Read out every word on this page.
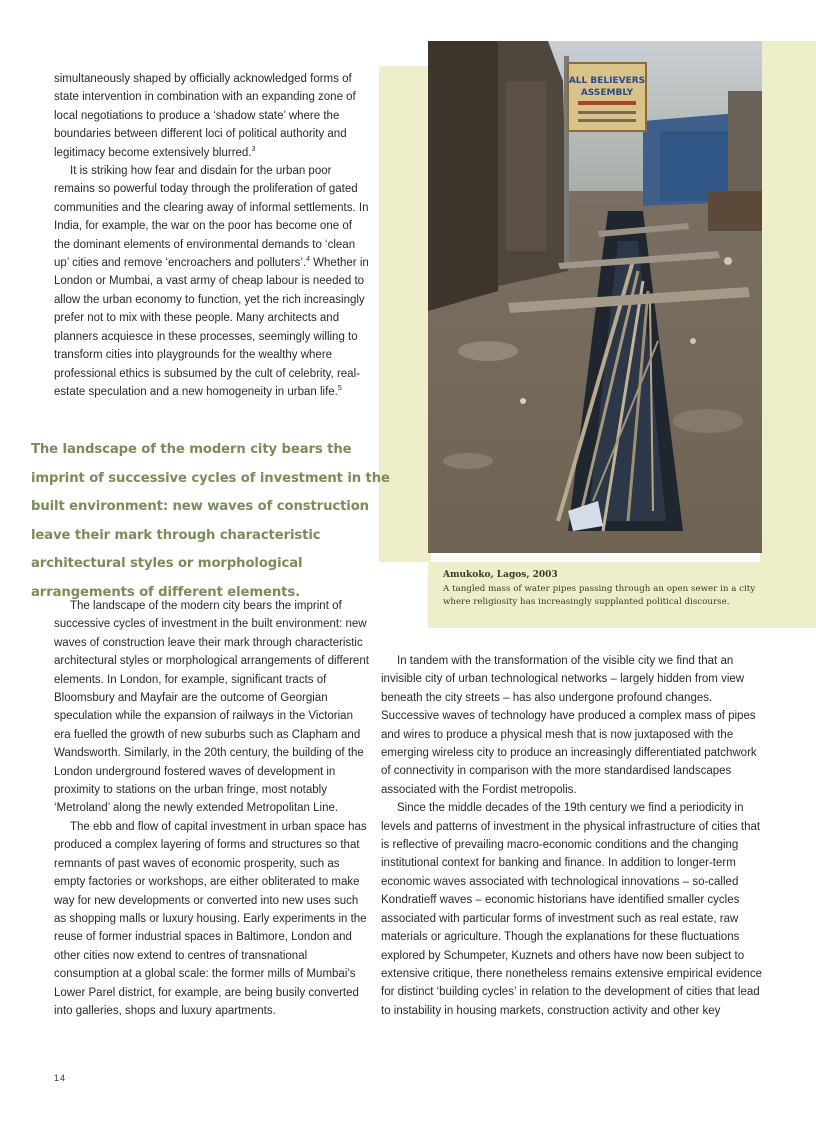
ALL BELIEVERS
ASSEMBLY
Amukoko, Lagos, 2003
A tangled mass of water pipes passing through an open sewer in a city where religiosity has increasingly supplanted political discourse.

simultaneously shaped by officially acknowledged forms of state intervention in combination with an expanding zone of local negotiations to produce a ‘shadow state’ where the boundaries between different loci of political authority and legitimacy become extensively blurred.$^3$

It is striking how fear and disdain for the urban poor remains so powerful today through the proliferation of gated communities and the clearing away of informal settlements. In India, for example, the war on the poor has become one of the dominant elements of environmental demands to ‘clean up’ cities and remove ‘encroachers and polluters’.$^4$ Whether in London or Mumbai, a vast army of cheap labour is needed to allow the urban economy to function, yet the rich increasingly prefer not to mix with these people. Many architects and planners acquiesce in these processes, seemingly willing to transform cities into playgrounds for the wealthy where professional ethics is subsumed by the cult of celebrity, real-estate speculation and a new homogeneity in urban life.$^5$

The landscape of the modern city bears the imprint of successive cycles of investment in the built environment: new waves of construction leave their mark through characteristic architectural styles or morphological arrangements of different elements.

The landscape of the modern city bears the imprint of successive cycles of investment in the built environment: new waves of construction leave their mark through characteristic architectural styles or morphological arrangements of different elements. In London, for example, significant tracts of Bloomsbury and Mayfair are the outcome of Georgian speculation while the expansion of railways in the Victorian era fuelled the growth of new suburbs such as Clapham and Wandsworth. Similarly, in the 20th century, the building of the London underground fostered waves of development in proximity to stations on the urban fringe, most notably ‘Metroland’ along the newly extended Metropolitan Line.

The ebb and flow of capital investment in urban space has produced a complex layering of forms and structures so that remnants of past waves of economic prosperity, such as empty factories or workshops, are either obliterated to make way for new developments or converted into new uses such as shopping malls or luxury housing. Early experiments in the reuse of former industrial spaces in Baltimore, London and other cities now extend to centres of transnational consumption at a global scale: the former mills of Mumbai’s Lower Parel district, for example, are being busily converted into galleries, shops and luxury apartments.

In tandem with the transformation of the visible city we find that an invisible city of urban technological networks – largely hidden from view beneath the city streets – has also undergone profound changes. Successive waves of technology have produced a complex mass of pipes and wires to produce a physical mesh that is now juxtaposed with the emerging wireless city to produce an increasingly differentiated patchwork of connectivity in comparison with the more standardised landscapes associated with the Fordist metropolis.

Since the middle decades of the 19th century we find a periodicity in levels and patterns of investment in the physical infrastructure of cities that is reflective of prevailing macro-economic conditions and the changing institutional context for banking and finance. In addition to longer-term economic waves associated with technological innovations – so-called Kondratieff waves – economic historians have identified smaller cycles associated with particular forms of investment such as real estate, raw materials or agriculture. Though the explanations for these fluctuations explored by Schumpeter, Kuznets and others have now been subject to extensive critique, there nonetheless remains extensive empirical evidence for distinct ‘building cycles’ in relation to the development of cities that lead to instability in housing markets, construction activity and other key

14
